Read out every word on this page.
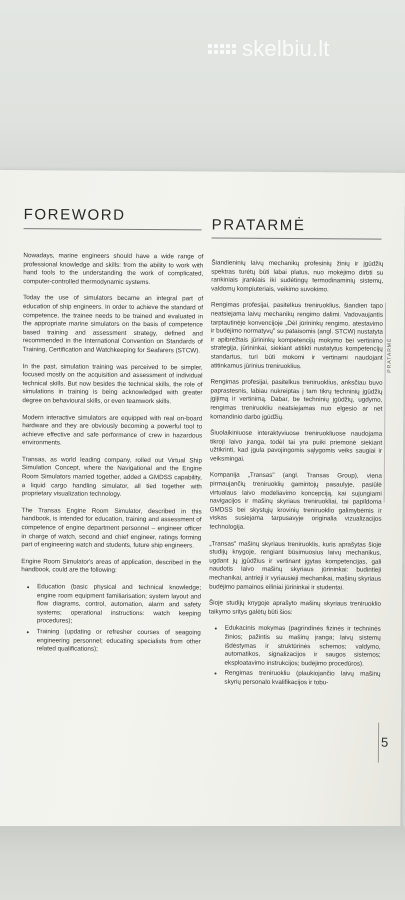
skelbiu.lt
FOREWORD

Nowadays, marine engineers should have a wide range of professional knowledge and skills: from the ability to work with hand tools to the understanding the work of complicated, computer-controlled thermodynamic systems.

Today the use of simulators became an integral part of education of ship engineers. In order to achieve the standard of competence, the trainee needs to be trained and evaluated in the appropriate marine simulators on the basis of competence based training and assessment strategy, defined and recommended in the International Convention on Standards of Training, Certification and Watchkeeping for Seafarers (STCW).

In the past, simulation training was perceived to be simpler, focused mostly on the acquisition and assessment of individual technical skills. But now besides the technical skills, the role of simulations in training is being acknowledged with greater degree on behavioural skills, or even teamwork skills.

Modern interactive simulators are equipped with real on-board hardware and they are obviously becoming a powerful tool to achieve effective and safe performance of crew in hazardous environments.

Transas, as world leading company, rolled out Virtual Ship Simulation Concept, where the Navigational and the Engine Room Simulators married together, added a GMDSS capability, a liquid cargo handling simulator, all tied together with proprietary visualization technology.

The Transas Engine Room Simulator, described in this handbook, is intended for education, training and assessment of competence of engine department personnel – engineer officer in charge of watch, second and chief engineer, ratings forming part of engineering watch and students, future ship engineers.

Engine Room Simulator's areas of application, described in the handbook, could are the following:

• Education (basic physical and technical knowledge; engine room equipment familiarisation; system layout and flow diagrams, control, automation, alarm and safety systems; operational instructions: watch keeping procedures);
• Training (updating or refresher courses of seagoing engineering personnel; educating specialists from other related qualifications);
PRATARMĖ

Šiandieninių laivų mechanikų profesinių žinių ir įgūdžių spektras turėtų būti labai platus, nuo mokėjimo dirbti su rankiniais įrankiais iki sudėtingų termodinaminių sistemų, valdomų kompiuteriais, veikimo suvokimo.

Rengimas profesijai, pasitelkus treniruoklius, šiandien tapo neatsiejama laivų mechanikų rengimo dalimi. Vadovaujantis tarptautinėje konvencijoje „Dėl jūrininkų rengimo, atestavimo ir budėjimo normatyvų" su pataisomis (angl. STCW) nustatyta ir apibrėžtais jūrininkų kompetencijų mokymo bei vertinimo strategija, jūrininkai, siekiant atitikti nustatytus kompetencijų standartus, turi būti mokomi ir vertinami naudojant atitinkamus jūrinius treniruoklius.

Rengimas profesijai, pasitelkus treniruoklius, anksčiau buvo paprastesnis, labiau nukreiptas į tam tikrų techninių įgūdžių įgijimą ir vertinimą. Dabar, be techninių įgūdžių, ugdymo, rengimas treniruokliu neatsiejamas nuo elgesio ar net komandinio darbo įgūdžių.

Šiuolaikiniuose interaktyviuose treniruokliuose naudojama tikroji laivo įranga, todėl tai yra puiki priemonė siekiant užtikrinti, kad įgula pavojingomis sąlygomis veiks saugiai ir veiksmingai.

Kompanija „Transas" (angl. Transas Group), viena pirmaujančių treniruoklių gamintojų pasaulyje, pasiūlė virtualaus laivo modeliavimo koncepciją, kai sujungiami navigacijos ir mašinų skyriaus treniruokliai, tai papildoma GMDSS bei skystųjų krovinių treniruoklio galimybėmis ir viskas susiejama tarpusavyje originalia vizualizacijos technologija.

„Transas" mašinų skyriaus treniruoklis, kuris aprašytas šioje studijų knygoje, rengiant būsimuosius laivų mechanikus, ugdant jų įgūdžius ir vertinant įgytas kompetencijas, gali naudotis laivo mašinų skyriaus jūrininkai: budintieji mechanikai, antrieji ir vyriausieji mechanikai, mašinų skyriaus budėjimo pamainos eiliniai jūrininkai ir studentai.

Šioje studijų knygoje aprašyto mašinų skyriaus treniruoklio taikymo sritys galėtų būti šios:

• Edukacinis mokymas (pagrindinės fizinės ir techninės žinios; pažintis su mašinų įranga; laivų sistemų išdėstymas ir struktūrinės schemos; valdymo, automatikos, signalizacijos ir saugos sistemos; eksploatavimo instrukcijos; budėjimo procedūros).
• Rengimas treniruokliu (plaukiojančio laivų mašinų skyrių personalo kvalifikacijos ir tobu-
PRATARMĖ
5
